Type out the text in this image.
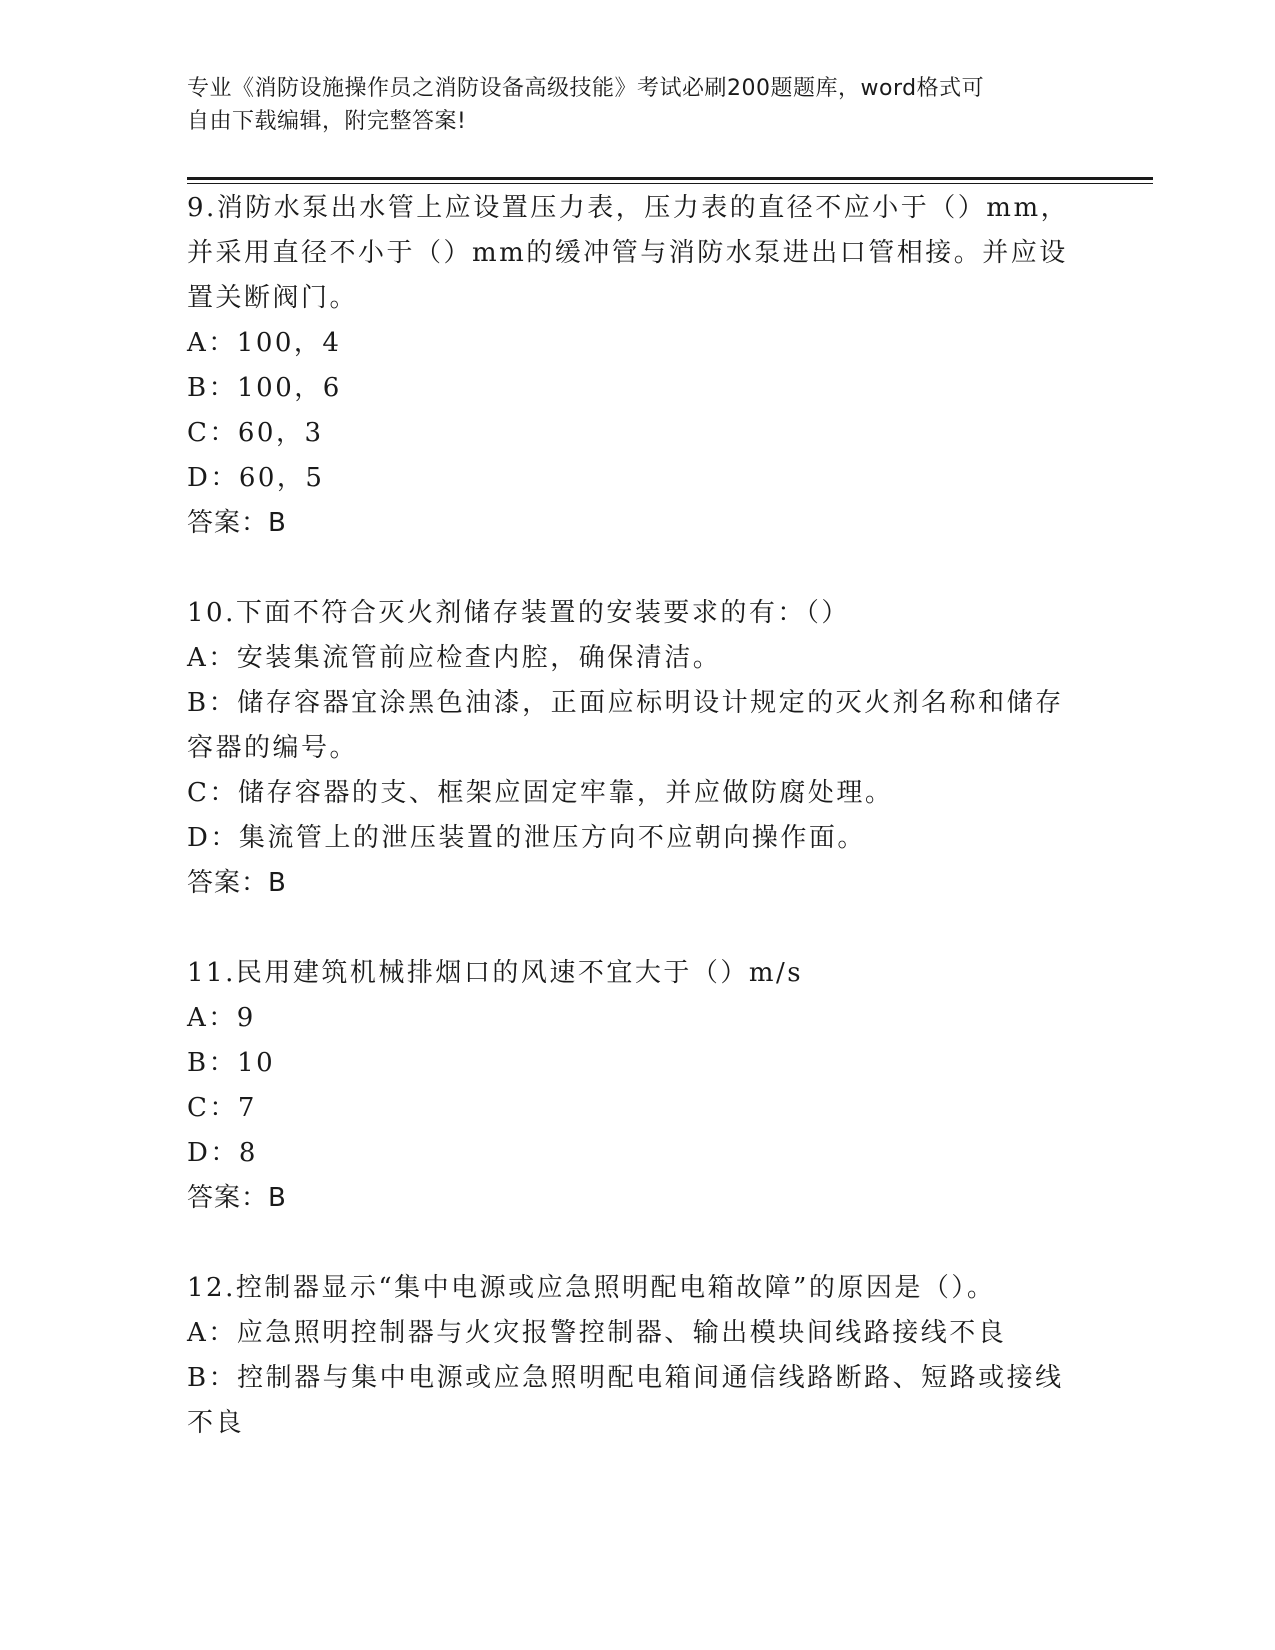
专业《消防设施操作员之消防设备高级技能》考试必刷200题题库，word格式可
自由下载编辑，附完整答案!
9.消防水泵出水管上应设置压力表，压力表的直径不应小于（）mm，
并采用直径不小于（）mm的缓冲管与消防水泵进出口管相接。并应设
置关断阀门。
A：100，4
B：100，6
C：60，3
D：60，5
答案：B
10.下面不符合灭火剂储存装置的安装要求的有：（）
A：安装集流管前应检查内腔，确保清洁。
B：储存容器宜涂黑色油漆，正面应标明设计规定的灭火剂名称和储存
容器的编号。
C：储存容器的支、框架应固定牢靠，并应做防腐处理。
D：集流管上的泄压装置的泄压方向不应朝向操作面。
答案：B
11.民用建筑机械排烟口的风速不宜大于（）m/s
A：9
B：10
C：7
D：8
答案：B
12.控制器显示“集中电源或应急照明配电箱故障”的原因是（）。
A：应急照明控制器与火灾报警控制器、输出模块间线路接线不良
B：控制器与集中电源或应急照明配电箱间通信线路断路、短路或接线
不良
